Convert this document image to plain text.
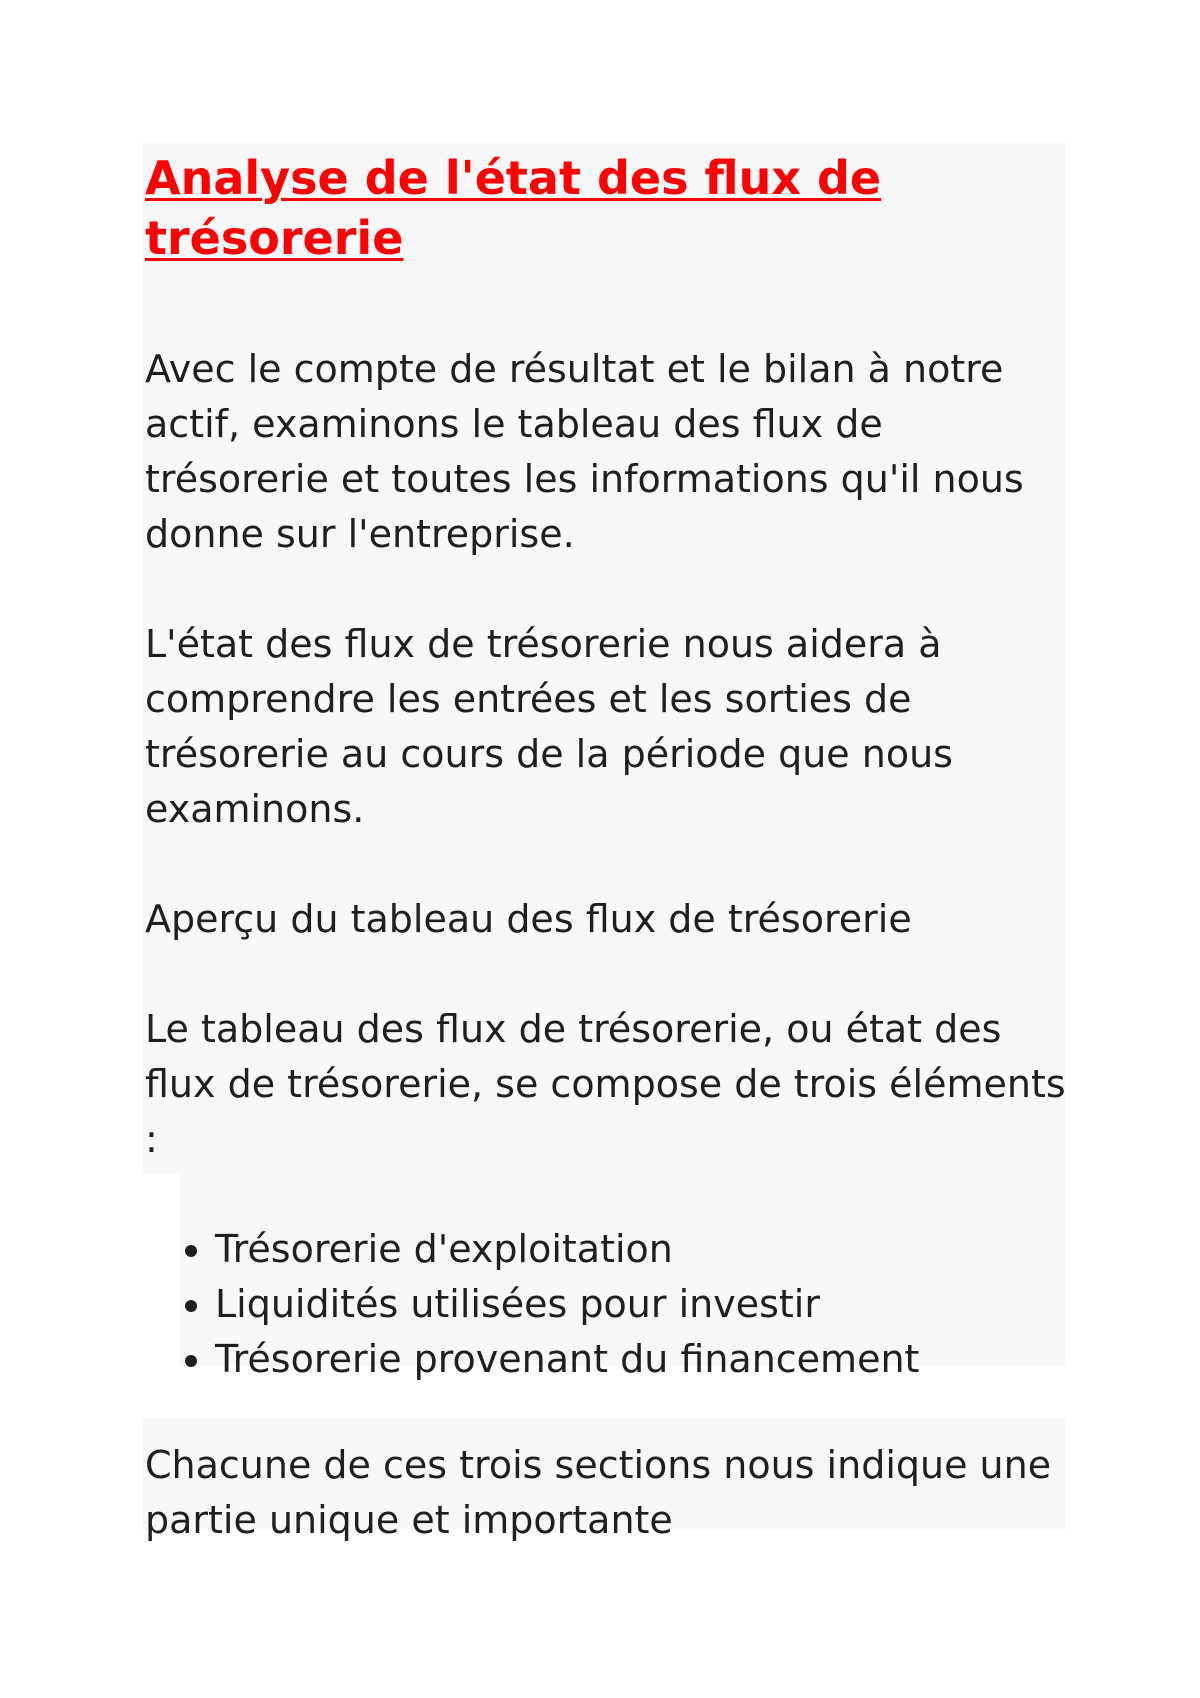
Analyse de l'état des flux de trésorerie

Avec le compte de résultat et le bilan à notre actif, examinons le tableau des flux de trésorerie et toutes les informations qu'il nous donne sur l'entreprise.

L'état des flux de trésorerie nous aidera à comprendre les entrées et les sorties de trésorerie au cours de la période que nous examinons.

Aperçu du tableau des flux de trésorerie

Le tableau des flux de trésorerie, ou état des flux de trésorerie, se compose de trois éléments :

• Trésorerie d'exploitation
• Liquidités utilisées pour investir
• Trésorerie provenant du financement

Chacune de ces trois sections nous indique une partie unique et importante
